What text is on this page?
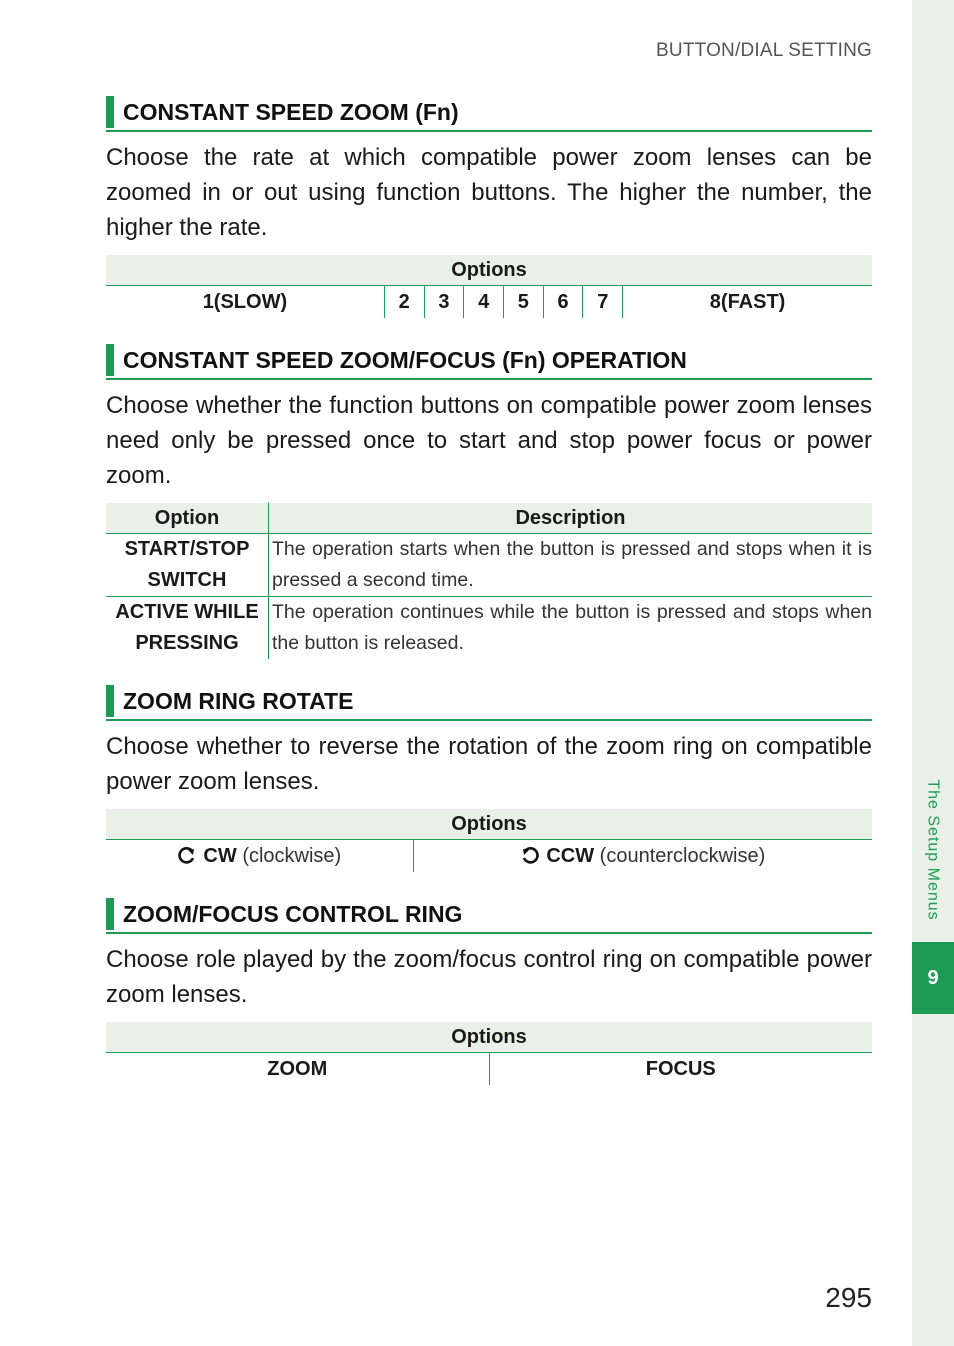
BUTTON/DIAL SETTING
The Setup Menus
9
CONSTANT SPEED ZOOM (Fn)

Choose the rate at which compatible power zoom lenses can be zoomed in or out using function buttons. The higher the number, the higher the rate.

Options
1(SLOW)	2	3	4	5	6	7	8(FAST)
CONSTANT SPEED ZOOM/FOCUS (Fn) OPERATION

Choose whether the function buttons on compatible power zoom lenses need only be pressed once to start and stop power focus or power zoom.

Option	Description

START/STOP
SWITCH	The operation starts when the button is pressed and stops when it is pressed a second time.

ACTIVE WHILE
PRESSING	The operation continues while the button is pressed and stops when the button is released.
ZOOM RING ROTATE

Choose whether to reverse the rotation of the zoom ring on compatible power zoom lenses.

Options
CW (clockwise)	CCW (counterclockwise)
ZOOM/FOCUS CONTROL RING

Choose role played by the zoom/focus control ring on compatible power zoom lenses.

Options
ZOOM	FOCUS
295
